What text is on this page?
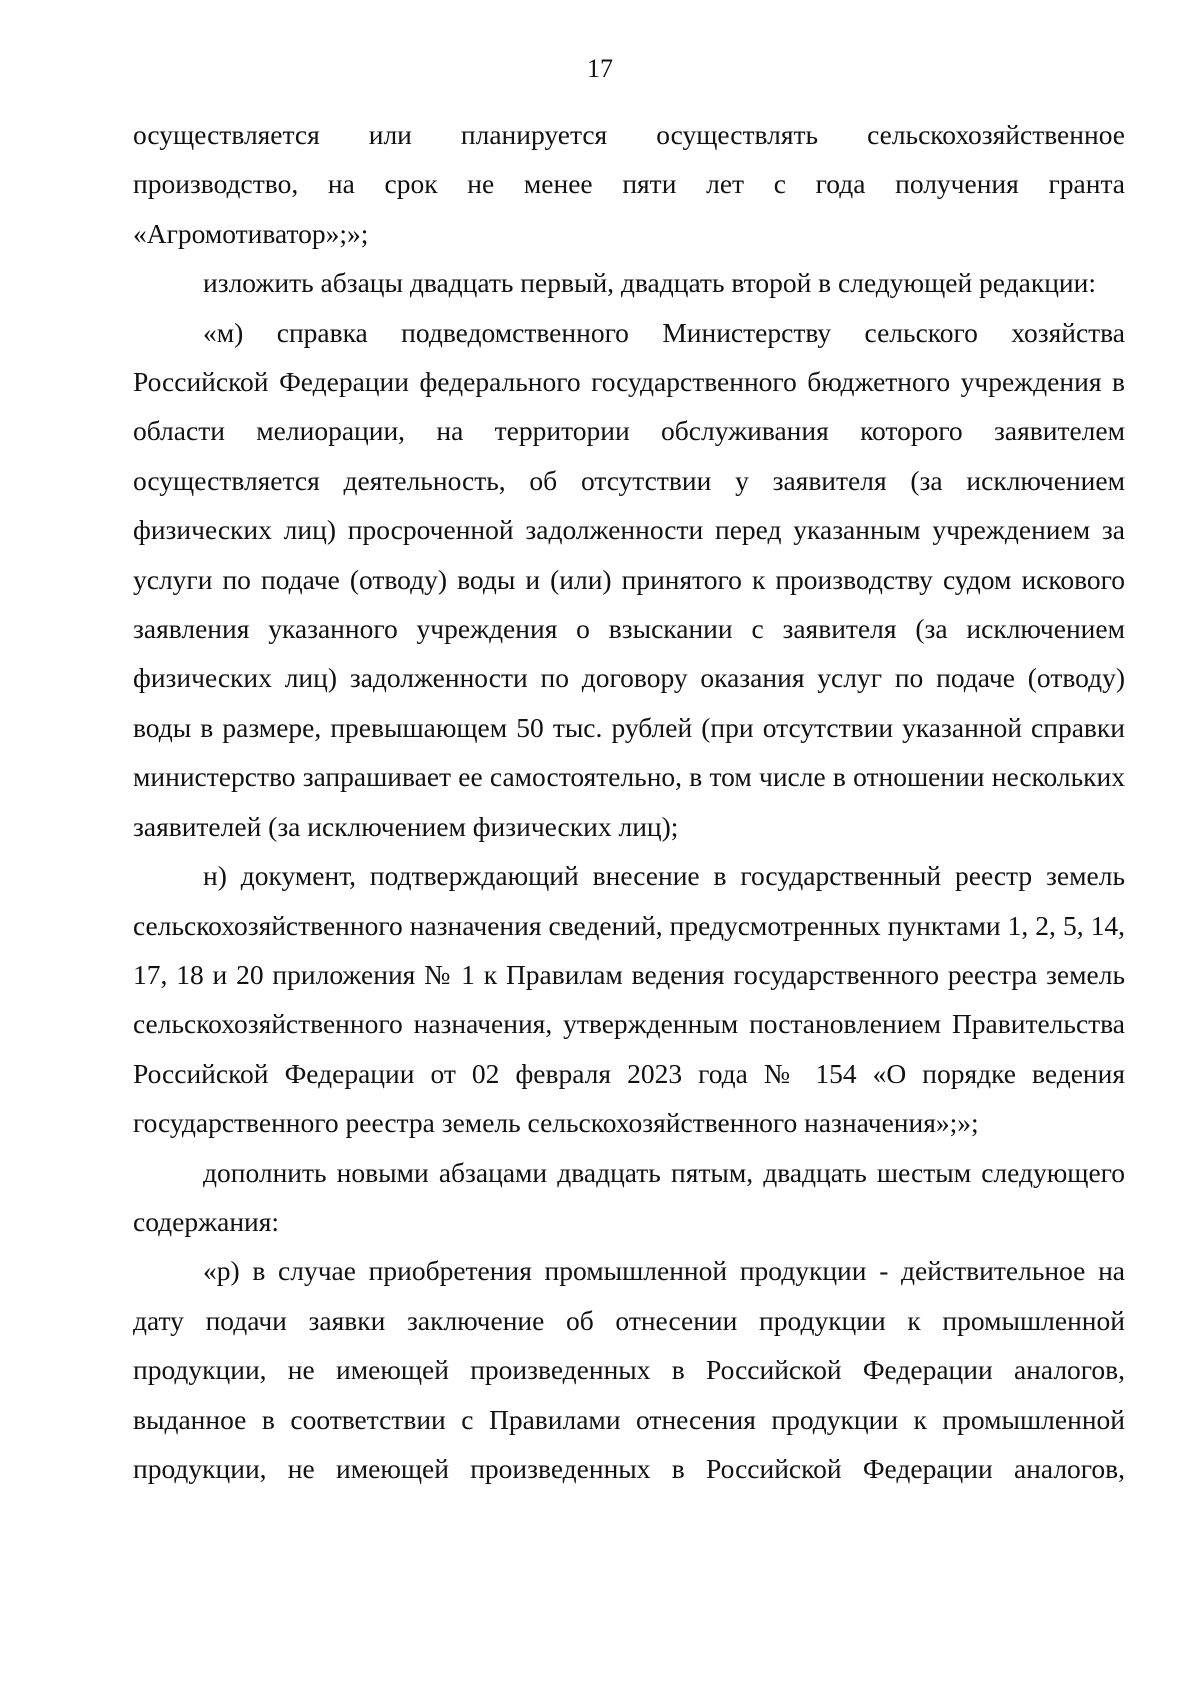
17

осуществляется или планируется осуществлять сельскохозяйственное производство, на срок не менее пяти лет с года получения гранта «Агромотиватор»;»;

изложить абзацы двадцать первый, двадцать второй в следующей редакции:

«м) справка подведомственного Министерству сельского хозяйства Российской Федерации федерального государственного бюджетного учреждения в области мелиорации, на территории обслуживания которого заявителем осуществляется деятельность, об отсутствии у заявителя (за исключением физических лиц) просроченной задолженности перед указанным учреждением за услуги по подаче (отводу) воды и (или) принятого к производству судом искового заявления указанного учреждения о взыскании с заявителя (за исключением физических лиц) задолженности по договору оказания услуг по подаче (отводу) воды в размере, превышающем 50 тыс. рублей (при отсутствии указанной справки министерство запрашивает ее самостоятельно, в том числе в отношении нескольких заявителей (за исключением физических лиц);

н) документ, подтверждающий внесение в государственный реестр земель сельскохозяйственного назначения сведений, предусмотренных пунктами 1, 2, 5, 14, 17, 18 и 20 приложения № 1 к Правилам ведения государственного реестра земель сельскохозяйственного назначения, утвержденным постановлением Правительства Российской Федерации от 02 февраля 2023 года № 154 «О порядке ведения государственного реестра земель сельскохозяйственного назначения»;»;

дополнить новыми абзацами двадцать пятым, двадцать шестым следующего содержания:

«р) в случае приобретения промышленной продукции - действительное на дату подачи заявки заключение об отнесении продукции к промышленной продукции, не имеющей произведенных в Российской Федерации аналогов, выданное в соответствии с Правилами отнесения продукции к промышленной продукции, не имеющей произведенных в Российской Федерации аналогов,
